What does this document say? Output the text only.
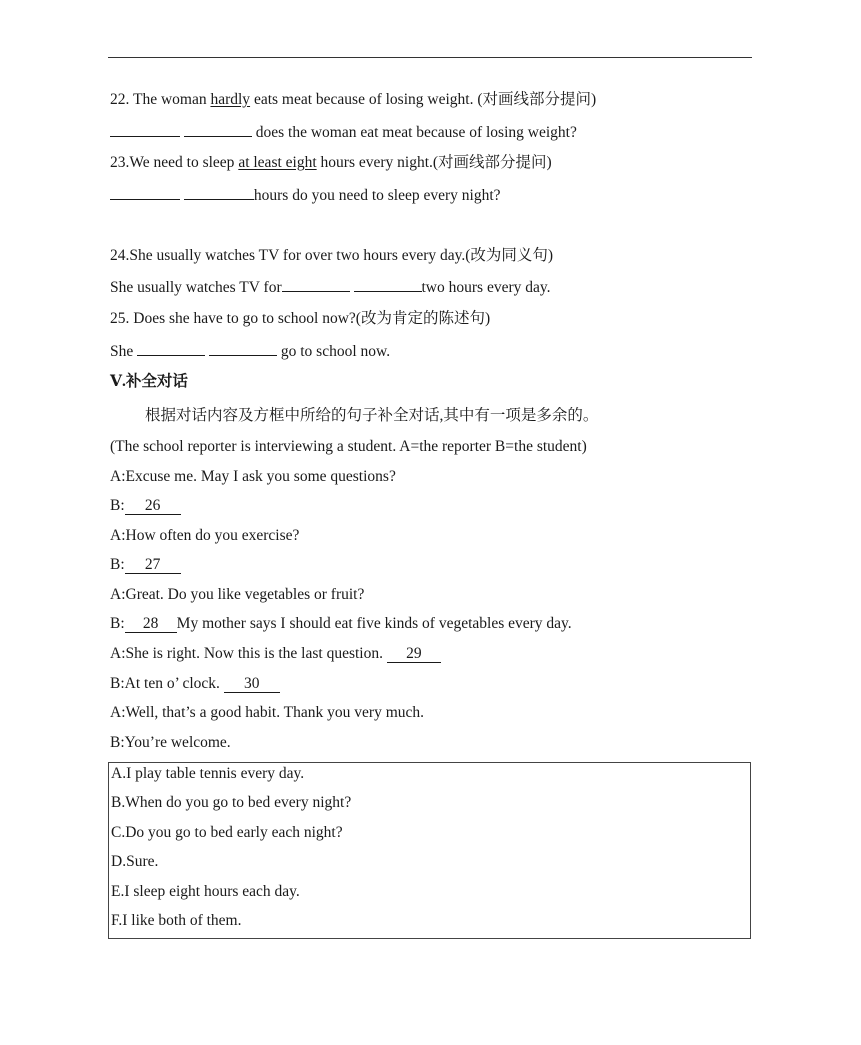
22. The woman hardly eats meat because of losing weight. (对画线部分提问)
does the woman eat meat because of losing weight?
23.We need to sleep at least eight hours every night.(对画线部分提问)
hours do you need to sleep every night?
24.She usually watches TV for over two hours every day.(改为同义句)
She usually watches TV for	two hours every day.
25. Does she have to go to school now?(改为肯定的陈述句)
She	go to school now.
Ⅴ.补全对话
根据对话内容及方框中所给的句子补全对话,其中有一项是多余的。
(The school reporter is interviewing a student. A=the reporter B=the student)
A:Excuse me. May I ask you some questions?
B: 26
A:How often do you exercise?
B: 27
A:Great. Do you like vegetables or fruit?
B: 28 My mother says I should eat five kinds of vegetables every day.
A:She is right. Now this is the last question. 29
B:At ten o’ clock. 30
A:Well, that’s a good habit. Thank you very much.
B:You’re welcome.
A.I play table tennis every day.
B.When do you go to bed every night?
C.Do you go to bed early each night?
D.Sure.
E.I sleep eight hours each day.
F.I like both of them.
